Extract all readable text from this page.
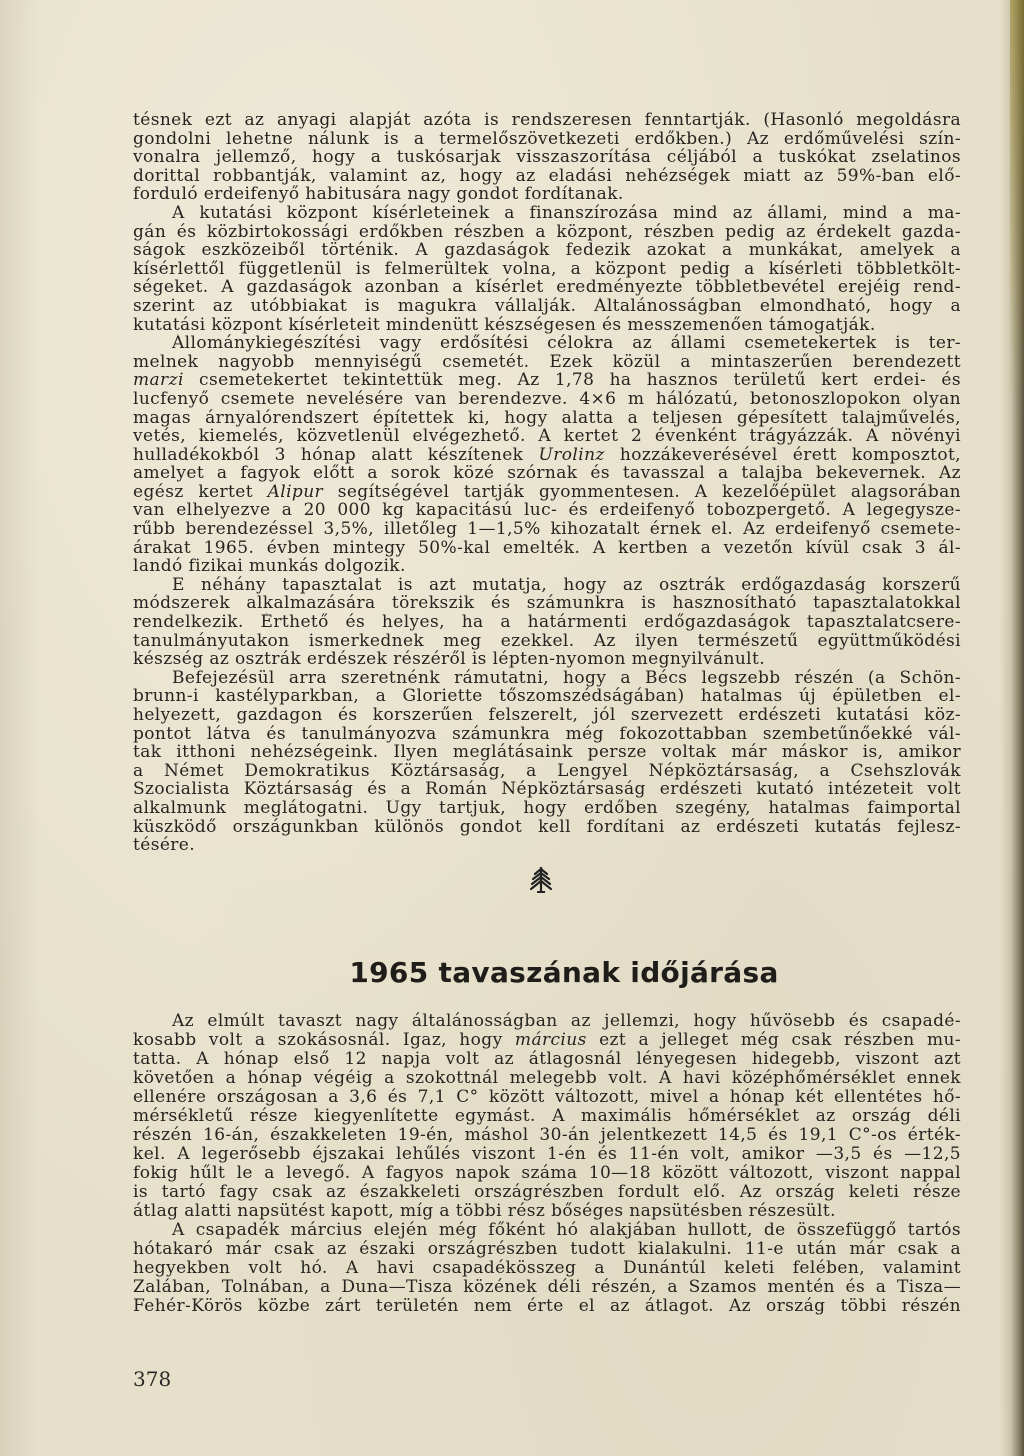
tésnek ezt az anyagi alapját azóta is rendszeresen fenntartják. (Hasonló megoldásra
gondolni lehetne nálunk is a termelőszövetkezeti erdőkben.) Az erdőművelési szín-
vonalra jellemző, hogy a tuskósarjak visszaszorítása céljából a tuskókat zselatinos
dorittal robbantják, valamint az, hogy az eladási nehézségek miatt az 59%-ban elő-
forduló erdeifenyő habitusára nagy gondot fordítanak.
A kutatási központ kísérleteinek a finanszírozása mind az állami, mind a ma-
gán és közbirtokossági erdőkben részben a központ, részben pedig az érdekelt gazda-
ságok eszközeiből történik. A gazdaságok fedezik azokat a munkákat, amelyek a
kísérlettől függetlenül is felmerültek volna, a központ pedig a kísérleti többletkölt-
ségeket. A gazdaságok azonban a kísérlet eredményezte többletbevétel erejéig rend-
szerint az utóbbiakat is magukra vállalják. Általánosságban elmondható, hogy a
kutatási központ kísérleteit mindenütt készségesen és messzemenően támogatják.
Állománykiegészítési vagy erdősítési célokra az állami csemetekertek is ter-
melnek nagyobb mennyiségű csemetét. Ezek közül a mintaszerűen berendezett
marzi csemetekertet tekintettük meg. Az 1,78 ha hasznos területű kert erdei- és
lucfenyő csemete nevelésére van berendezve. 4×6 m hálózatú, betonoszlopokon olyan
magas árnyalórendszert építettek ki, hogy alatta a teljesen gépesített talajművelés,
vetés, kiemelés, közvetlenül elvégezhető. A kertet 2 évenként trágyázzák. A növényi
hulladékokból 3 hónap alatt készítenek Urolinz hozzákeverésével érett komposztot,
amelyet a fagyok előtt a sorok közé szórnak és tavasszal a talajba bekevernek. Az
egész kertet Alipur segítségével tartják gyommentesen. A kezelőépület alagsorában
van elhelyezve a 20 000 kg kapacitású luc- és erdeifenyő tobozpergető. A legegysze-
rűbb berendezéssel 3,5%, illetőleg 1—1,5% kihozatalt érnek el. Az erdeifenyő csemete-
árakat 1965. évben mintegy 50%-kal emelték. A kertben a vezetőn kívül csak 3 ál-
landó fizikai munkás dolgozik.
E néhány tapasztalat is azt mutatja, hogy az osztrák erdőgazdaság korszerű
módszerek alkalmazására törekszik és számunkra is hasznosítható tapasztalatokkal
rendelkezik. Érthető és helyes, ha a határmenti erdőgazdaságok tapasztalatcsere-
tanulmányutakon ismerkednek meg ezekkel. Az ilyen természetű együttműködési
készség az osztrák erdészek részéről is lépten-nyomon megnyilvánult.
Befejezésül arra szeretnénk rámutatni, hogy a Bécs legszebb részén (a Schön-
brunn-i kastélyparkban, a Gloriette tőszomszédságában) hatalmas új épületben el-
helyezett, gazdagon és korszerűen felszerelt, jól szervezett erdészeti kutatási köz-
pontot látva és tanulmányozva számunkra még fokozottabban szembetűnőekké vál-
tak itthoni nehézségeink. Ilyen meglátásaink persze voltak már máskor is, amikor
a Német Demokratikus Köztársaság, a Lengyel Népköztársaság, a Csehszlovák
Szocialista Köztársaság és a Román Népköztársaság erdészeti kutató intézeteit volt
alkalmunk meglátogatni. Úgy tartjuk, hogy erdőben szegény, hatalmas faimportal
küszködő országunkban különös gondot kell fordítani az erdészeti kutatás fejlesz-
tésére.
1965 tavaszának időjárása
Az elmúlt tavaszt nagy általánosságban az jellemzi, hogy hűvösebb és csapadé-
kosabb volt a szokásosnál. Igaz, hogy március ezt a jelleget még csak részben mu-
tatta. A hónap első 12 napja volt az átlagosnál lényegesen hidegebb, viszont azt
követően a hónap végéig a szokottnál melegebb volt. A havi középhőmérséklet ennek
ellenére országosan a 3,6 és 7,1 C° között változott, mivel a hónap két ellentétes hő-
mérsékletű része kiegyenlítette egymást. A maximális hőmérséklet az ország déli
részén 16-án, északkeleten 19-én, máshol 30-án jelentkezett 14,5 és 19,1 C°-os érték-
kel. A legerősebb éjszakai lehűlés viszont 1-én és 11-én volt, amikor —3,5 és —12,5
fokig hűlt le a levegő. A fagyos napok száma 10—18 között változott, viszont nappal
is tartó fagy csak az északkeleti országrészben fordult elő. Az ország keleti része
átlag alatti napsütést kapott, míg a többi rész bőséges napsütésben részesült.
A csapadék március elején még főként hó alakjában hullott, de összefüggő tartós
hótakaró már csak az északi országrészben tudott kialakulni. 11-e után már csak a
hegyekben volt hó. A havi csapadékösszeg a Dunántúl keleti felében, valamint
Zalában, Tolnában, a Duna—Tisza közének déli részén, a Szamos mentén és a Tisza—
Fehér-Körös közbe zárt területén nem érte el az átlagot. Az ország többi részén
378
